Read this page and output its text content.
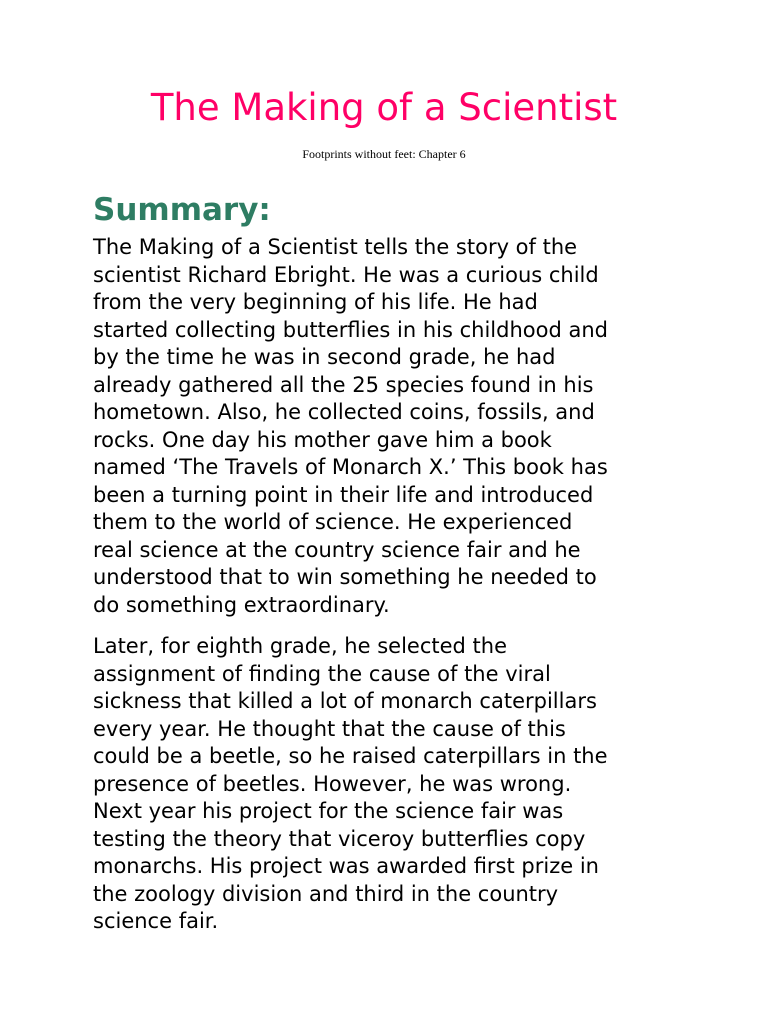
The Making of a Scientist
Footprints without feet: Chapter 6
Summary:

The Making of a Scientist tells the story of the
scientist Richard Ebright. He was a curious child
from the very beginning of his life. He had
started collecting butterflies in his childhood and
by the time he was in second grade, he had
already gathered all the 25 species found in his
hometown. Also, he collected coins, fossils, and
rocks. One day his mother gave him a book
named ‘The Travels of Monarch X.’ This book has
been a turning point in their life and introduced
them to the world of science. He experienced
real science at the country science fair and he
understood that to win something he needed to
do something extraordinary.

Later, for eighth grade, he selected the
assignment of finding the cause of the viral
sickness that killed a lot of monarch caterpillars
every year. He thought that the cause of this
could be a beetle, so he raised caterpillars in the
presence of beetles. However, he was wrong.
Next year his project for the science fair was
testing the theory that viceroy butterflies copy
monarchs. His project was awarded first prize in
the zoology division and third in the country
science fair.
